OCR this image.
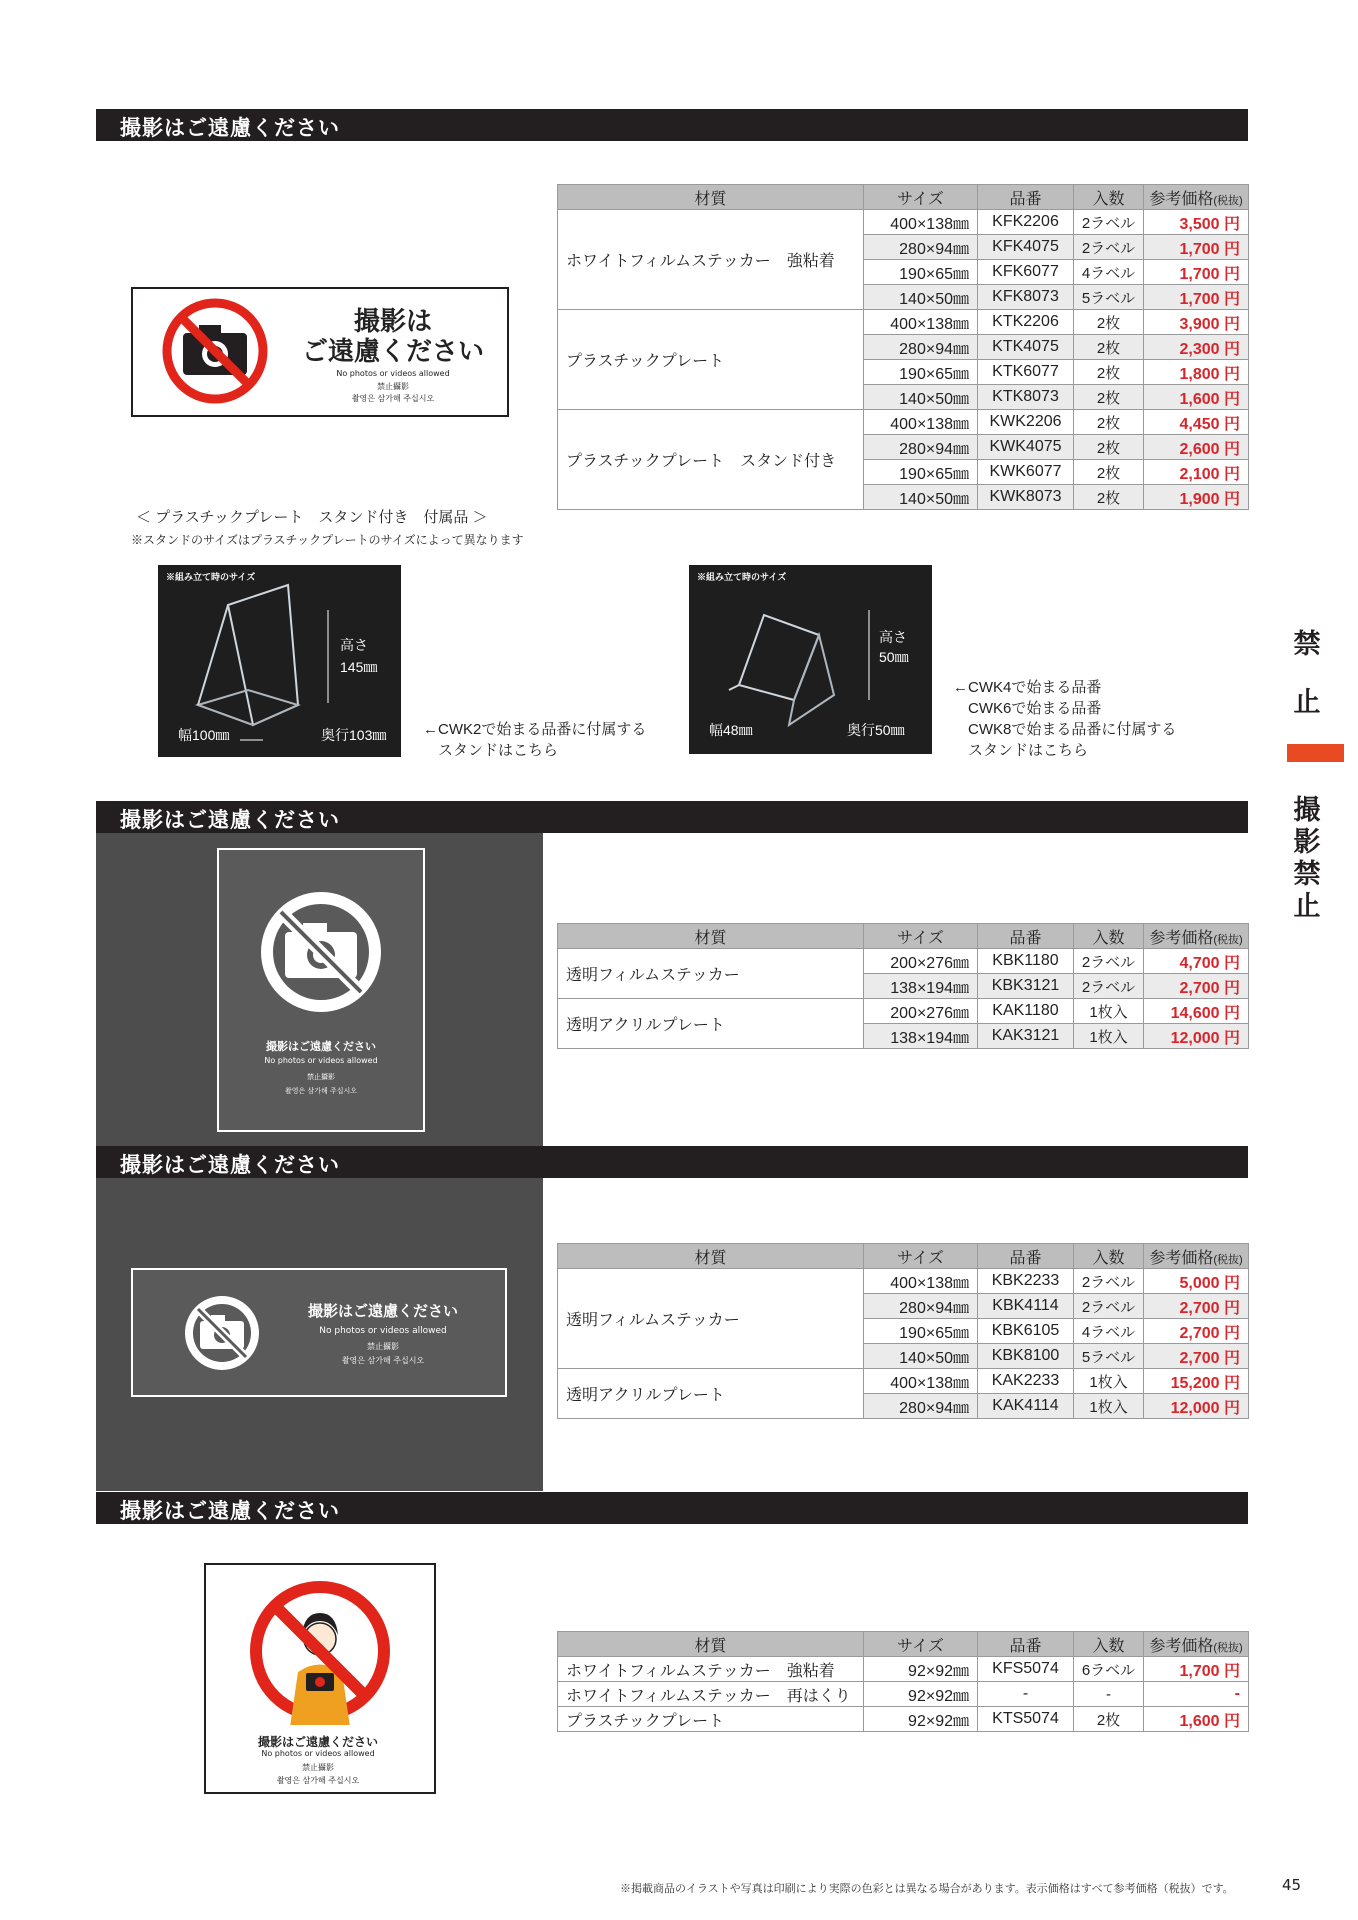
撮影はご遠慮ください
撮影はご遠慮ください
撮影はご遠慮ください
撮影はご遠慮ください
撮影は
ご遠慮ください
No photos or videos allowed
禁止攝影
촬영은 삼가해 주십시오
材質	サイズ	品番	入数	参考価格(税抜)
ホワイトフィルムステッカー　強粘着	400×138㎜	KFK2206	2ラベル	3,500 円
	280×94㎜	KFK4075	2ラベル	1,700 円
	190×65㎜	KFK6077	4ラベル	1,700 円
	140×50㎜	KFK8073	5ラベル	1,700 円
プラスチックプレート	400×138㎜	KTK2206	2枚	3,900 円
	280×94㎜	KTK4075	2枚	2,300 円
	190×65㎜	KTK6077	2枚	1,800 円
	140×50㎜	KTK8073	2枚	1,600 円
プラスチックプレート　スタンド付き	400×138㎜	KWK2206	2枚	4,450 円
	280×94㎜	KWK4075	2枚	2,600 円
	190×65㎜	KWK6077	2枚	2,100 円
	140×50㎜	KWK8073	2枚	1,900 円
＜ プラスチックプレート　スタンド付き　付属品 ＞
※スタンドのサイズはプラスチックプレートのサイズによって異なります
※組み立て時のサイズ
高さ
145㎜
幅100㎜	奥行103㎜ ←CWK2で始まる品番に付属する
スタンドはこちら
※組み立て時のサイズ
高さ
50㎜
幅48㎜	奥行50㎜
←CWK4で始まる品番
CWK6で始まる品番
CWK8で始まる品番に付属する
スタンドはこちら
撮影はご遠慮ください
No photos or videos allowed
禁止攝影
촬영은 삼가해 주십시오
材質	サイズ	品番	入数	参考価格(税抜)
透明フィルムステッカー	200×276㎜	KBK1180	2ラベル	4,700 円
	138×194㎜	KBK3121	2ラベル	2,700 円
透明アクリルプレート	200×276㎜	KAK1180	1枚入	14,600 円
	138×194㎜	KAK3121	1枚入	12,000 円
撮影はご遠慮ください
No photos or videos allowed
禁止攝影
촬영은 삼가해 주십시오
材質	サイズ	品番	入数	参考価格(税抜)
透明フィルムステッカー	400×138㎜	KBK2233	2ラベル	5,000 円
	280×94㎜	KBK4114	2ラベル	2,700 円
	190×65㎜	KBK6105	4ラベル	2,700 円
	140×50㎜	KBK8100	5ラベル	2,700 円
透明アクリルプレート	400×138㎜	KAK2233	1枚入	15,200 円
	280×94㎜	KAK4114	1枚入	12,000 円
撮影はご遠慮ください
No photos or videos allowed
禁止攝影
촬영은 삼가해 주십시오
材質	サイズ	品番	入数	参考価格(税抜)
ホワイトフィルムステッカー　強粘着	92×92㎜	KFS5074	6ラベル	1,700 円
ホワイトフィルムステッカー　再はくり	92×92㎜	-	-	-
プラスチックプレート	92×92㎜	KTS5074	2枚	1,600 円
禁
止
撮
影
禁
止
※掲載商品のイラストや写真は印刷により実際の色彩とは異なる場合があります。表示価格はすべて参考価格（税抜）です。	45
